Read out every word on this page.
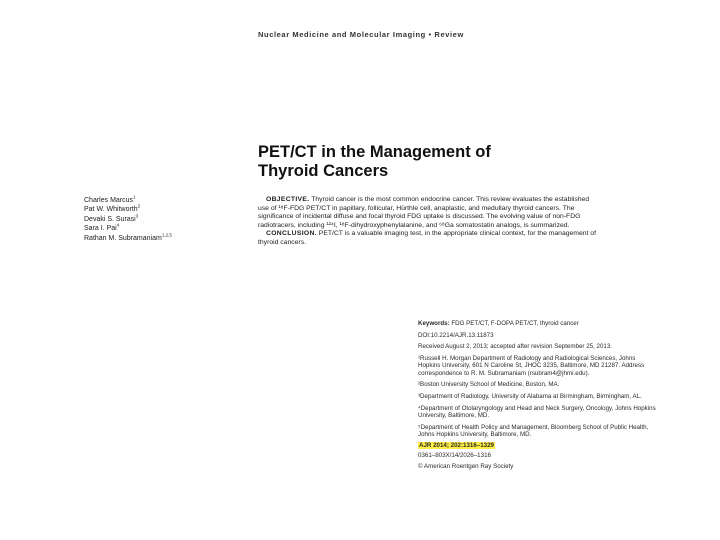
Nuclear Medicine and Molecular Imaging • Review
PET/CT in the Management of
Thyroid Cancers
Charles Marcus$^1$
Pat W. Whitworth$^2$
Devaki S. Surasi$^3$
Sara I. Pai$^4$
Rathan M. Subramaniam$^{1,2,5}$

OBJECTIVE. Thyroid cancer is the most common endocrine cancer. This review evaluates the established use of ¹⁸F-FDG PET/CT in papillary, follicular, Hürthle cell, anaplastic, and medullary thyroid cancers. The significance of incidental diffuse and focal thyroid FDG uptake is discussed. The evolving value of non-FDG radiotracers, including ¹²⁴I, ¹⁸F-dihydroxyphenylalanine, and ⁶⁸Ga somatostatin analogs, is summarized.

CONCLUSION. PET/CT is a valuable imaging test, in the appropriate clinical context, for the management of thyroid cancers.

Keywords: FDG PET/CT, F-DOPA PET/CT, thyroid cancer
DOI:10.2214/AJR.13.11873
Received August 2, 2013; accepted after revision September 25, 2013.
¹Russell H. Morgan Department of Radiology and Radiological Sciences, Johns Hopkins University, 601 N Caroline St, JHOC 3235, Baltimore, MD 21287. Address correspondence to R. M. Subramaniam (rsubram4@jhmi.edu).
²Boston University School of Medicine, Boston, MA.
³Department of Radiology, University of Alabama at Birmingham, Birmingham, AL.
⁴Department of Otolaryngology and Head and Neck Surgery, Oncology, Johns Hopkins University, Baltimore, MD.
⁵Department of Health Policy and Management, Bloomberg School of Public Health, Johns Hopkins University, Baltimore, MD.
AJR 2014; 202:1316–1329
0361–803X/14/2026–1316
© American Roentgen Ray Society
